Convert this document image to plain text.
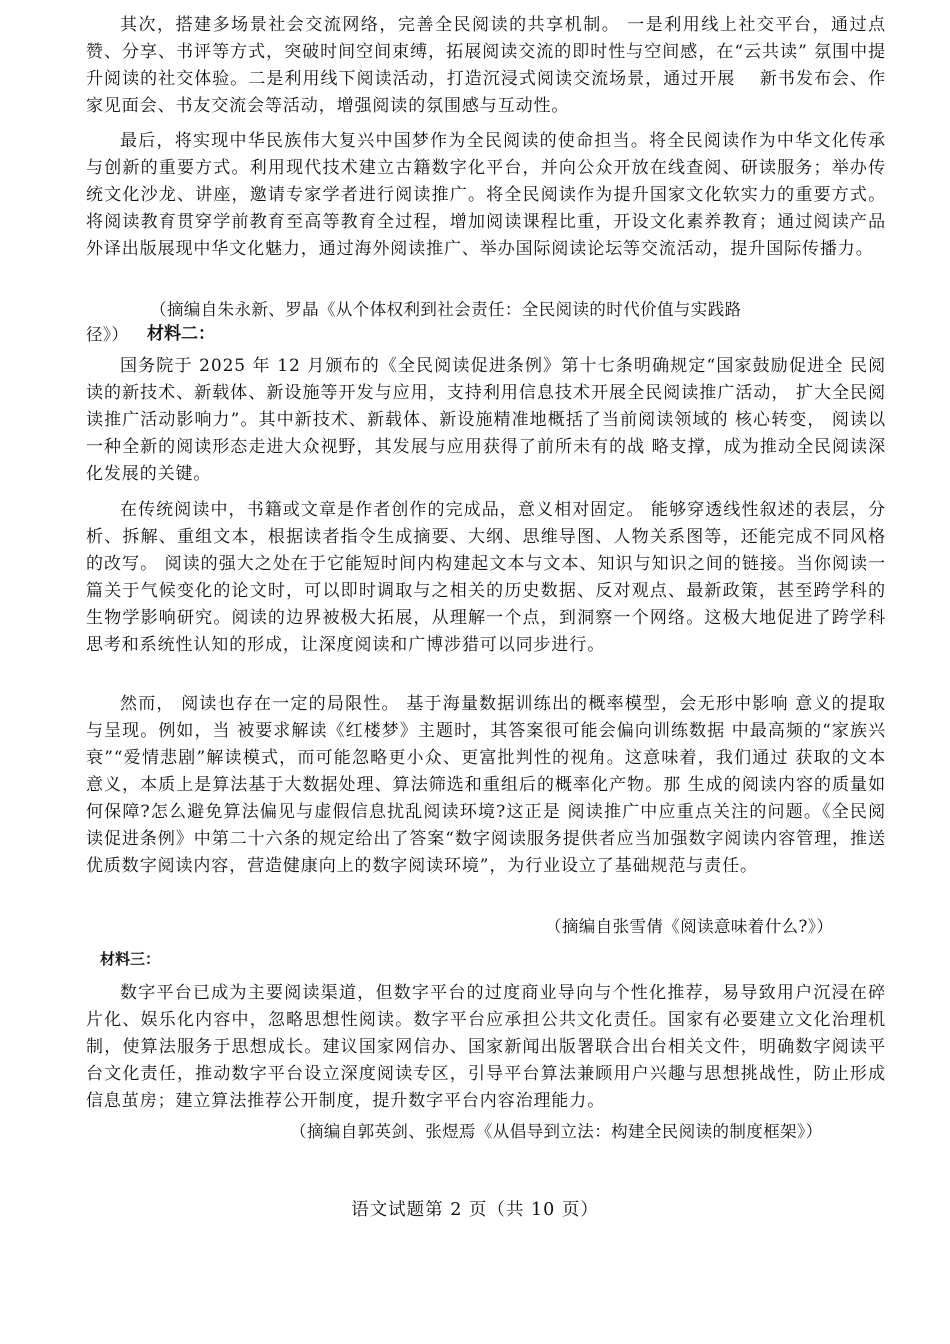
其次，搭建多场景社会交流网络，完善全民阅读的共享机制。 一是利用线上社交平台，通过点赞、分享、书评等方式，突破时间空间束缚，拓展阅读交流的即时性与空间感，在“云共读” 氛围中提升阅读的社交体验。二是利用线下阅读活动，打造沉浸式阅读交流场景，通过开展　 新书发布会、作家见面会、书友交流会等活动，增强阅读的氛围感与互动性。

最后，将实现中华民族伟大复兴中国梦作为全民阅读的使命担当。将全民阅读作为中华文化传承与创新的重要方式。利用现代技术建立古籍数字化平台，并向公众开放在线查阅、研读服务；举办传统文化沙龙、讲座，邀请专家学者进行阅读推广。将全民阅读作为提升国家文化软实力的重要方式。将阅读教育贯穿学前教育至高等教育全过程，增加阅读课程比重，开设文化素养教育；通过阅读产品外译出版展现中华文化魅力，通过海外阅读推广、举办国际阅读论坛等交流活动，提升国际传播力。

（摘编自朱永新、罗晶《从个体权利到社会责任：全民阅读的时代价值与实践路

径》） 材料二：

国务院于 2025 年 12 月颁布的《全民阅读促进条例》第十七条明确规定“国家鼓励促进全 民阅读的新技术、新载体、新设施等开发与应用，支持利用信息技术开展全民阅读推广活动， 扩大全民阅读推广活动影响力”。其中新技术、新载体、新设施精准地概括了当前阅读领域的 核心转变， 阅读以一种全新的阅读形态走进大众视野，其发展与应用获得了前所未有的战 略支撑，成为推动全民阅读深化发展的关键。

在传统阅读中，书籍或文章是作者创作的完成品，意义相对固定。 能够穿透线性叙述的表层，分析、拆解、重组文本，根据读者指令生成摘要、大纲、思维导图、人物关系图等，还能完成不同风格的改写。 阅读的强大之处在于它能短时间内构建起文本与文本、知识与知识之间的链接。当你阅读一篇关于气候变化的论文时，可以即时调取与之相关的历史数据、反对观点、最新政策，甚至跨学科的生物学影响研究。阅读的边界被极大拓展，从理解一个点，到洞察一个网络。这极大地促进了跨学科思考和系统性认知的形成，让深度阅读和广博涉猎可以同步进行。

然而， 阅读也存在一定的局限性。 基于海量数据训练出的概率模型，会无形中影响 意义的提取与呈现。例如，当 被要求解读《红楼梦》主题时，其答案很可能会偏向训练数据 中最高频的“家族兴衰”“爱情悲剧”解读模式，而可能忽略更小众、更富批判性的视角。这意味着，我们通过 获取的文本意义，本质上是算法基于大数据处理、算法筛选和重组后的概率化产物。那 生成的阅读内容的质量如何保障?怎么避免算法偏见与虚假信息扰乱阅读环境?这正是 阅读推广中应重点关注的问题。《全民阅读促进条例》中第二十六条的规定给出了答案“数字阅读服务提供者应当加强数字阅读内容管理，推送优质数字阅读内容，营造健康向上的数字阅读环境”，为行业设立了基础规范与责任。

（摘编自张雪倩《阅读意味着什么?》）

材料三：

数字平台已成为主要阅读渠道，但数字平台的过度商业导向与个性化推荐，易导致用户沉浸在碎片化、娱乐化内容中，忽略思想性阅读。数字平台应承担公共文化责任。国家有必要建立文化治理机制，使算法服务于思想成长。建议国家网信办、国家新闻出版署联合出台相关文件，明确数字阅读平台文化责任，推动数字平台设立深度阅读专区，引导平台算法兼顾用户兴趣与思想挑战性，防止形成信息茧房；建立算法推荐公开制度，提升数字平台内容治理能力。

（摘编自郭英剑、张煜焉《从倡导到立法：构建全民阅读的制度框架》）

语文试题第 2 页（共 10 页）
